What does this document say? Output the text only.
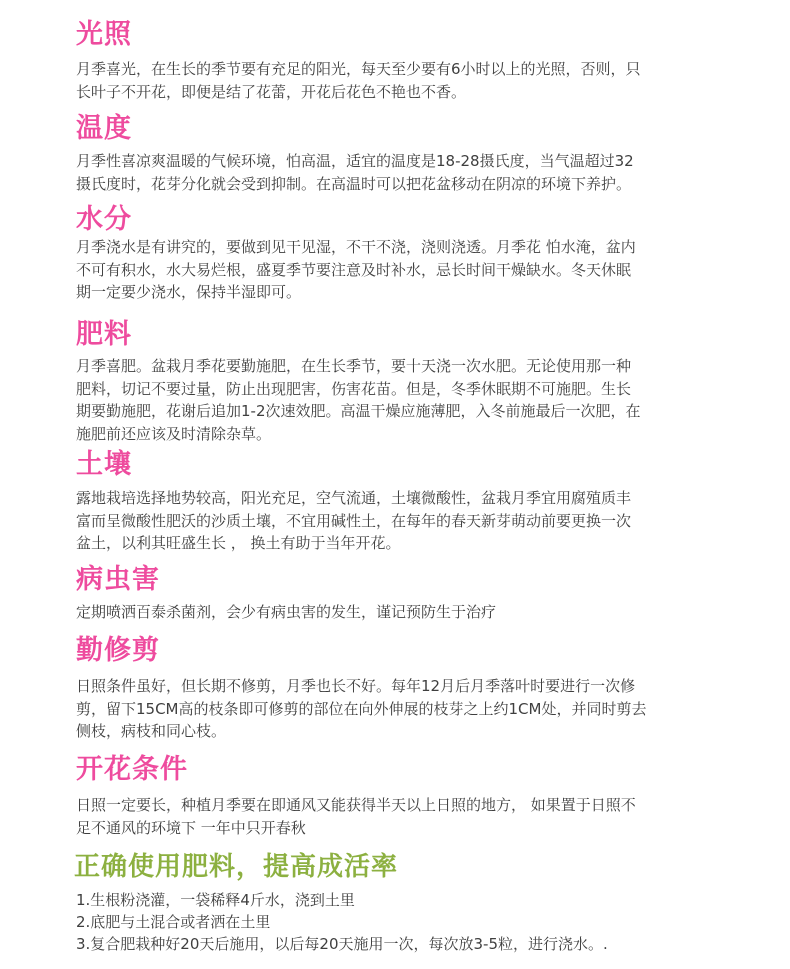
光照

月季喜光，在生长的季节要有充足的阳光，每天至少要有6小时以上的光照，否则，只
长叶子不开花，即便是结了花蕾，开花后花色不艳也不香。

温度

月季性喜凉爽温暖的气候环境，怕高温，适宜的温度是18-28摄氏度，当气温超过32
摄氏度时，花芽分化就会受到抑制。在高温时可以把花盆移动在阴凉的环境下养护。

水分

月季浇水是有讲究的，要做到见干见湿，不干不浇，浇则浇透。月季花 怕水淹，盆内
不可有积水，水大易烂根，盛夏季节要注意及时补水，忌长时间干燥缺水。冬天休眠
期一定要少浇水，保持半湿即可。

肥料

月季喜肥。盆栽月季花要勤施肥，在生长季节，要十天浇一次水肥。无论使用那一种
肥料，切记不要过量，防止出现肥害，伤害花苗。但是，冬季休眠期不可施肥。生长
期要勤施肥，花谢后追加1-2次速效肥。高温干燥应施薄肥，入冬前施最后一次肥，在
施肥前还应该及时清除杂草。

土壤

露地栽培选择地势较高，阳光充足，空气流通，土壤微酸性，盆栽月季宜用腐殖质丰
富而呈微酸性肥沃的沙质土壤，不宜用碱性土，在每年的春天新芽萌动前要更换一次
盆土，以利其旺盛生长 ， 换土有助于当年开花。

病虫害

定期喷洒百泰杀菌剂，会少有病虫害的发生，谨记预防生于治疗

勤修剪

日照条件虽好，但长期不修剪，月季也长不好。每年12月后月季落叶时要进行一次修
剪，留下15CM高的枝条即可修剪的部位在向外伸展的枝芽之上约1CM处，并同时剪去
侧枝，病枝和同心枝。

开花条件

日照一定要长，种植月季要在即通风又能获得半天以上日照的地方， 如果置于日照不
足不通风的环境下 一年中只开春秋

正确使用肥料，提高成活率
1.生根粉浇灌，一袋稀释4斤水，浇到土里
2.底肥与土混合或者洒在土里
3.复合肥栽种好20天后施用，以后每20天施用一次，每次放3-5粒，进行浇水。.
